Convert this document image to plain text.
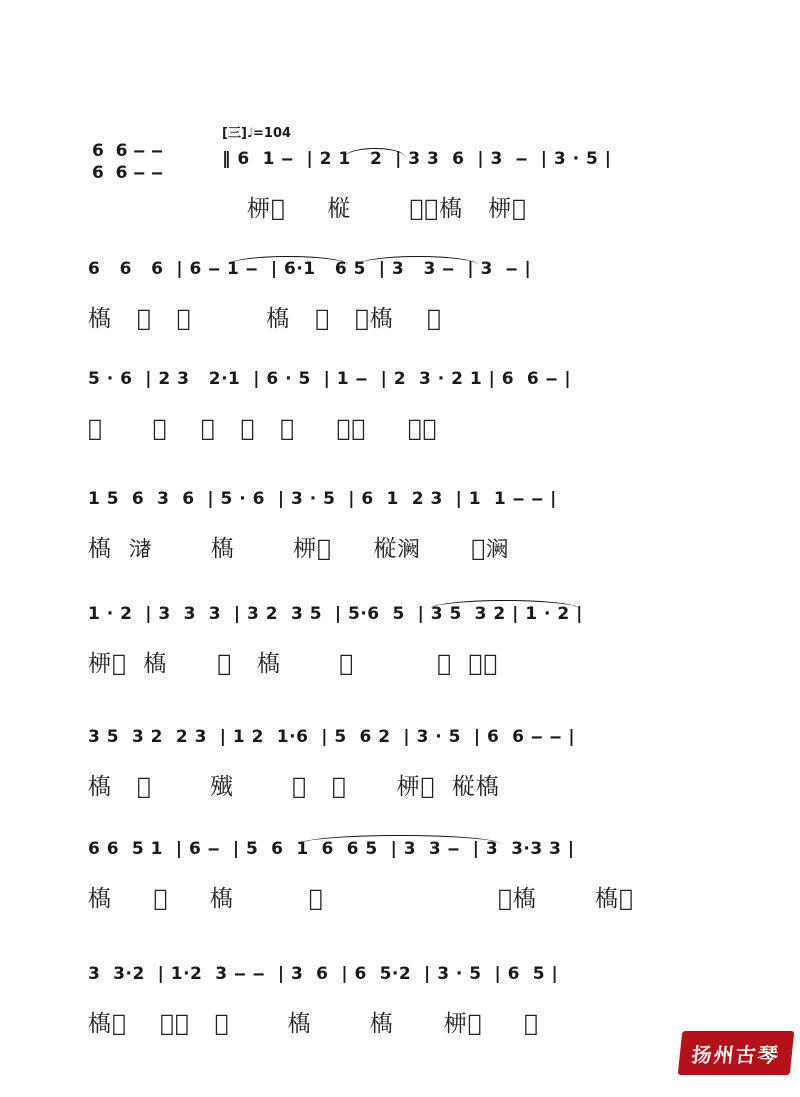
[三]♩=104
6  6 ‒ ‒
6  6 ‒ ‒
‖ 6  1 ‒  | 2 1   2  | 3 3  6  | 3  ‒  | 3 · 5 |
𫞉𫞊     𫞋       𫞌𫞍𫞎   𫞉𫞏
6   6   6  | 6 ‒ 1 ‒  | 6·1   6 5  | 3   3 ‒  | 3  ‒ |
𫞎   𫞍   𫞐         𫞎   𫞑   𫞒𫞎    𫞍
5 · 6  | 2 3   2·1  | 6 · 5  | 1 ‒  | 2  3 · 2 1 | 6  6 ‒ |
𫞓      𫞔    𫞑   𫞕   𫞖     𫞗𫞘     𫞙𫞚
1 5  6  3  6  | 5 · 6  | 3 · 5  | 6  1  2 3  | 1  1 ‒ ‒ |
𫞎  𫞛       𫞎       𫞉𫞜     𫞋𫞝      𫞍𫞝
1 · 2  | 3  3  3  | 3 2  3 5  | 5·6  5  | 3 5  3 2 | 1 · 2 |
𫞉𫞏  𫞎      𫞍   𫞎       𫞞          𫞑  𫞜𫞏
3 5  3 2  2 3  | 1 2  1·6  | 5  6 2  | 3 · 5  | 6  6 ‒ ‒ |
𫞎   𫞓       𫞔       𫞑   𫞟      𫞉𫞊  𫞋𫞎
6 6  5 1  | 6 ‒  | 5  6  1  6  6 5  | 3  3 ‒  | 3  3·3 3 |
𫞎     𫞜     𫞎         𫞜                     𫞜𫞎       𫞎𫞍
3  3·2  | 1·2  3 ‒ ‒  | 3  6  | 6  5·2  | 3 · 5  | 6  5 |
𫞎𫞑    𫞜𫞏   𫞓       𫞎       𫞎      𫞉𫞍     𫞓
扬州古琴
